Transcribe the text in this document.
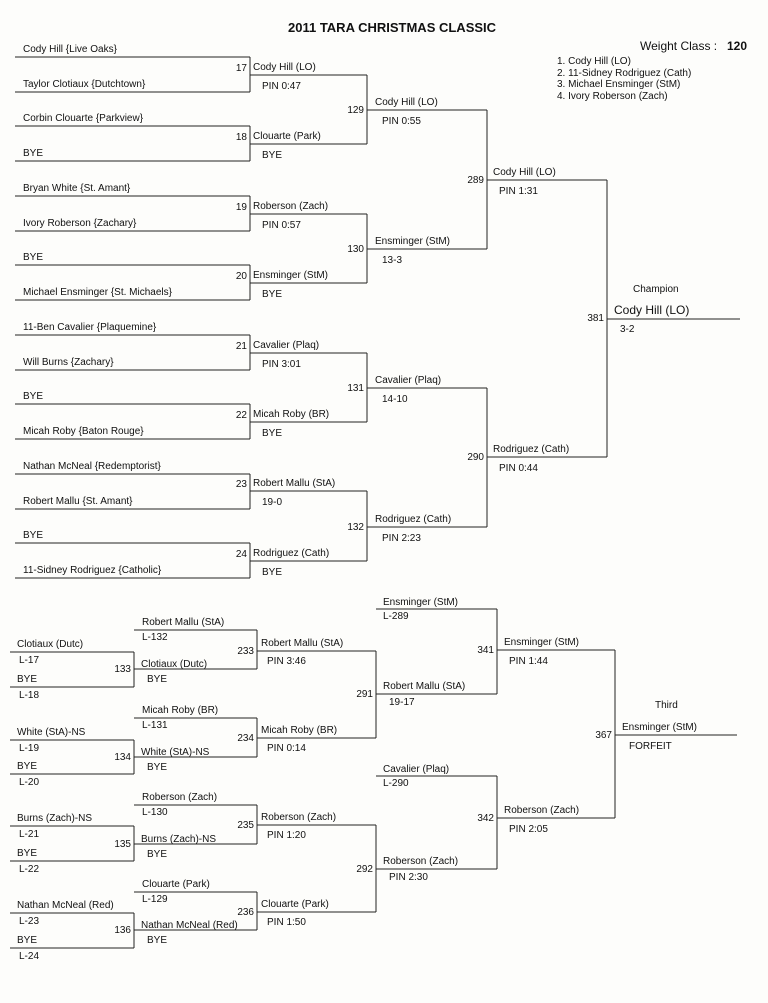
2011 TARA CHRISTMAS CLASSIC
Weight Class : 120
1. Cody Hill (LO)
2. 11-Sidney Rodriguez (Cath)
3. Michael Ensminger (StM)
4. Ivory Roberson (Zach)
Cody Hill {Live Oaks}
Taylor Clotiaux {Dutchtown}
Corbin Clouarte {Parkview}
BYE
Bryan White {St. Amant}
Ivory Roberson {Zachary}
BYE
Michael Ensminger {St. Michaels}
11-Ben Cavalier {Plaquemine}
Will Burns {Zachary}
BYE
Micah Roby {Baton Rouge}
Nathan McNeal {Redemptorist}
Robert Mallu {St. Amant}
BYE
11-Sidney Rodriguez {Catholic}
17 Cody Hill (LO)
PIN 0:47
18 Clouarte (Park)
BYE
19 Roberson (Zach)
PIN 0:57
20 Ensminger (StM)
BYE
21 Cavalier (Plaq)
PIN 3:01
22 Micah Roby (BR)
BYE
23 Robert Mallu (StA)
19-0
24 Rodriguez (Cath)
BYE
129
Cody Hill (LO)
PIN 0:55
130
Ensminger (StM)
13-3
131
Cavalier (Plaq)
14-10
132
Rodriguez (Cath)
PIN 2:23
289
Cody Hill (LO)
PIN 1:31
290
Rodriguez (Cath)
PIN 0:44
381
Cody Hill (LO)
3-2
Champion
Clotiaux (Dutc)
L-17
BYE
L-18
White (StA)-NS
L-19
BYE
L-20
Burns (Zach)-NS
L-21
BYE
L-22
Nathan McNeal (Red)
L-23
BYE
L-24
133 Clotiaux (Dutc)
BYE
134 White (StA)-NS
BYE
135 Burns (Zach)-NS
BYE
136 Nathan McNeal (Red)
BYE
Robert Mallu (StA)
L-132
Micah Roby (BR)
L-131
Roberson (Zach)
L-130
Clouarte (Park)
L-129
233
Robert Mallu (StA)
PIN 3:46
234
Micah Roby (BR)
PIN 0:14
235
Roberson (Zach)
PIN 1:20
236
Clouarte (Park)
PIN 1:50
291
Robert Mallu (StA)
19-17
292
Roberson (Zach)
PIN 2:30
Ensminger (StM)
L-289
Cavalier (Plaq)
L-290
341
Ensminger (StM)
PIN 1:44
342
Roberson (Zach)
PIN 2:05
367
Ensminger (StM)
FORFEIT
Third
